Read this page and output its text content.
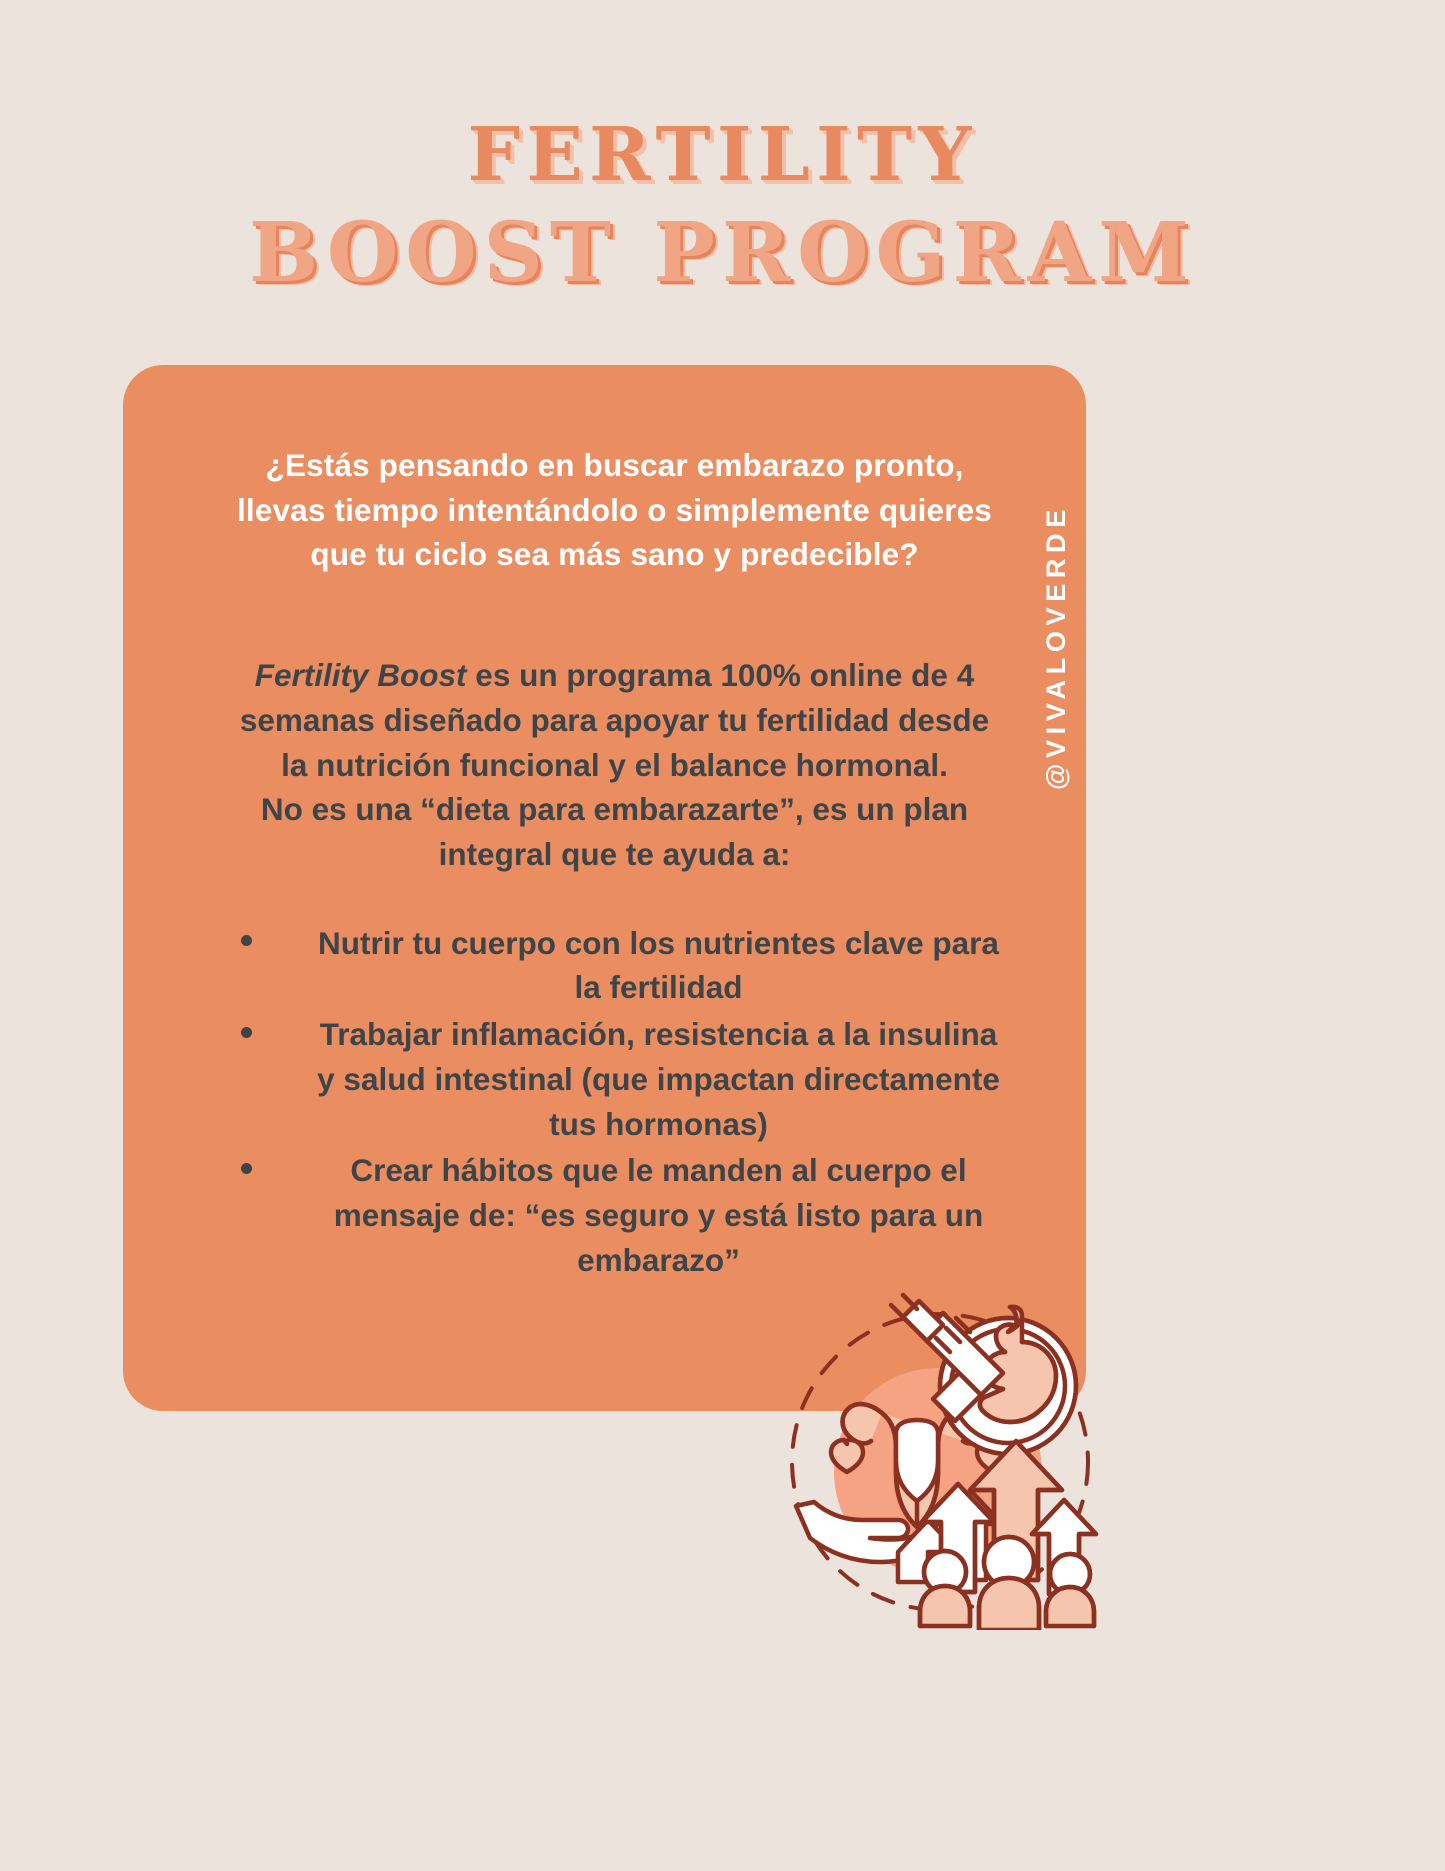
FERTILITY
BOOST PROGRAM

¿Estás pensando en buscar embarazo pronto, llevas tiempo intentándolo o simplemente quieres que tu ciclo sea más sano y predecible?

Fertility Boost es un programa 100% online de 4 semanas diseñado para apoyar tu fertilidad desde la nutrición funcional y el balance hormonal.

No es una “dieta para embarazarte”, es un plan integral que te ayuda a:

Nutrir tu cuerpo con los nutrientes clave para la fertilidad
Trabajar inflamación, resistencia a la insulina y salud intestinal (que impactan directamente tus hormonas)
Crear hábitos que le manden al cuerpo el mensaje de: “es seguro y está listo para un embarazo”
@VIVALOVERDE
